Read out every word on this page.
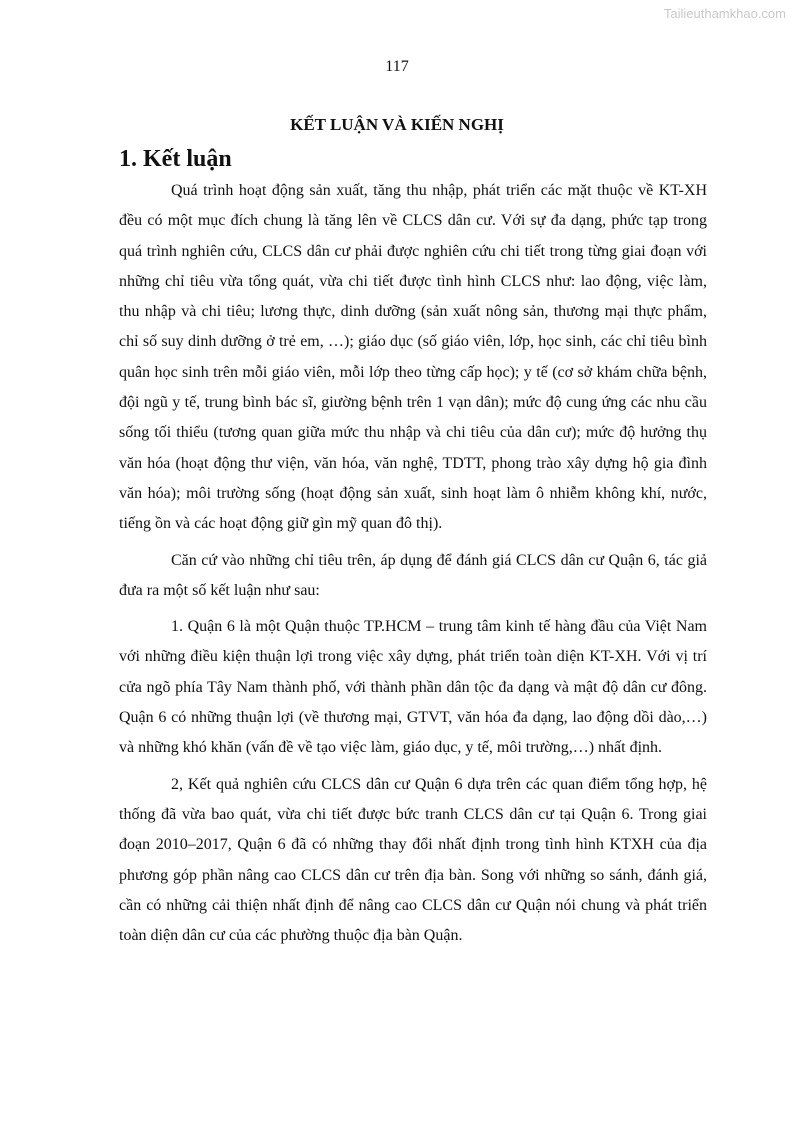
Tailieuthamkhao.com
117
KẾT LUẬN VÀ KIẾN NGHỊ
1. Kết luận

Quá trình hoạt động sản xuất, tăng thu nhập, phát triển các mặt thuộc về KT-XH đều có một mục đích chung là tăng lên về CLCS dân cư. Với sự đa dạng, phức tạp trong quá trình nghiên cứu, CLCS dân cư phải được nghiên cứu chi tiết trong từng giai đoạn với những chỉ tiêu vừa tổng quát, vừa chi tiết được tình hình CLCS như: lao động, việc làm, thu nhập và chi tiêu; lương thực, dinh dưỡng (sản xuất nông sản, thương mại thực phẩm, chỉ số suy dinh dưỡng ở trẻ em, …); giáo dục (số giáo viên, lớp, học sinh, các chỉ tiêu bình quân học sinh trên mỗi giáo viên, mỗi lớp theo từng cấp học); y tế (cơ sở khám chữa bệnh, đội ngũ y tế, trung bình bác sĩ, giường bệnh trên 1 vạn dân); mức độ cung ứng các nhu cầu sống tối thiểu (tương quan giữa mức thu nhập và chi tiêu của dân cư); mức độ hưởng thụ văn hóa (hoạt động thư viện, văn hóa, văn nghệ, TDTT, phong trào xây dựng hộ gia đình văn hóa); môi trường sống (hoạt động sản xuất, sinh hoạt làm ô nhiễm không khí, nước, tiếng ồn và các hoạt động giữ gìn mỹ quan đô thị).

Căn cứ vào những chỉ tiêu trên, áp dụng để đánh giá CLCS dân cư Quận 6, tác giả đưa ra một số kết luận như sau:

1. Quận 6 là một Quận thuộc TP.HCM – trung tâm kinh tế hàng đầu của Việt Nam với những điều kiện thuận lợi trong việc xây dựng, phát triển toàn diện KT-XH. Với vị trí cửa ngõ phía Tây Nam thành phố, với thành phần dân tộc đa dạng và mật độ dân cư đông. Quận 6 có những thuận lợi (về thương mại, GTVT, văn hóa đa dạng, lao động dồi dào,…) và những khó khăn (vấn đề về tạo việc làm, giáo dục, y tế, môi trường,…) nhất định.

2, Kết quả nghiên cứu CLCS dân cư Quận 6 dựa trên các quan điểm tổng hợp, hệ thống đã vừa bao quát, vừa chi tiết được bức tranh CLCS dân cư tại Quận 6. Trong giai đoạn 2010–2017, Quận 6 đã có những thay đổi nhất định trong tình hình KTXH của địa phương góp phần nâng cao CLCS dân cư trên địa bàn. Song với những so sánh, đánh giá, cần có những cải thiện nhất định để nâng cao CLCS dân cư Quận nói chung và phát triển toàn diện dân cư của các phường thuộc địa bàn Quận.
